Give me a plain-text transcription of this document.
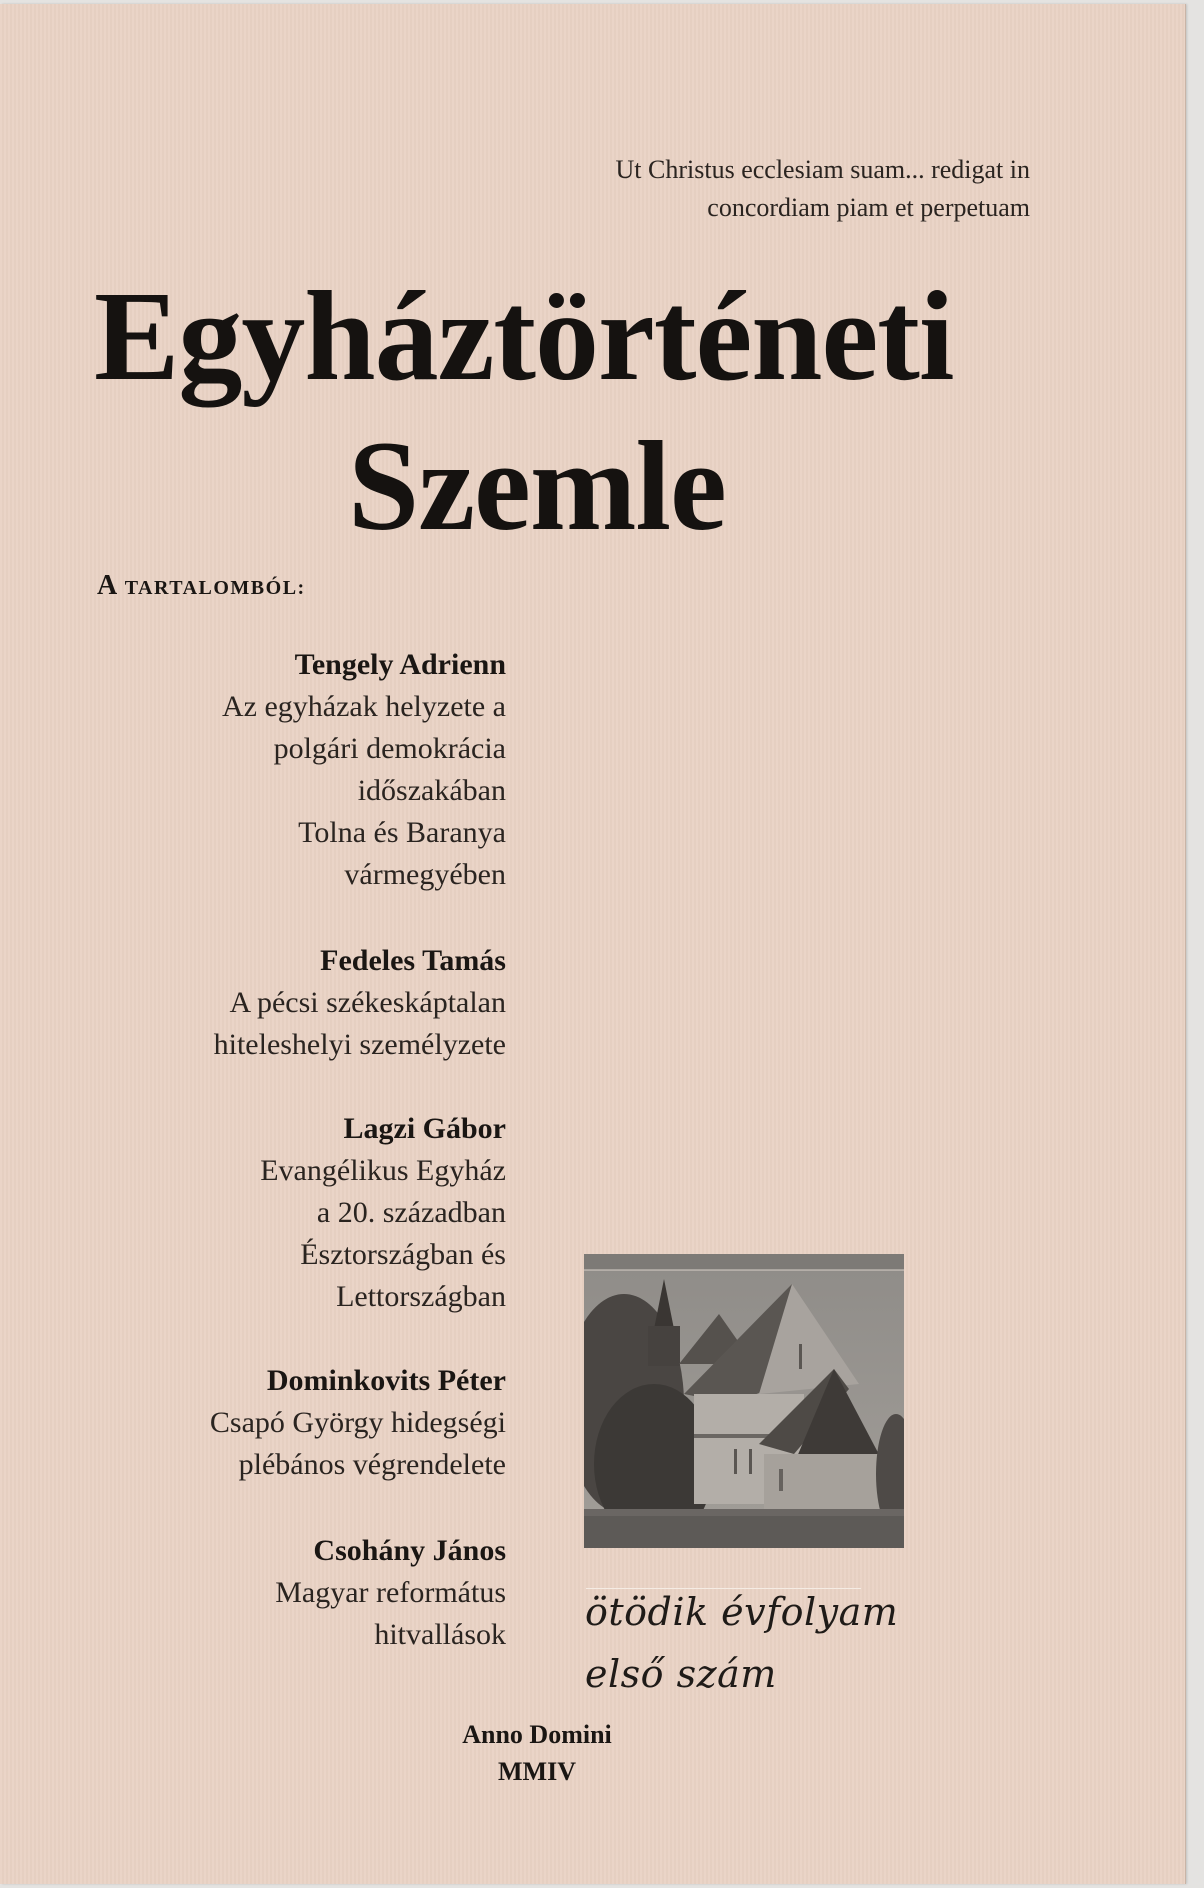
Ut Christus ecclesiam suam... redigat in
concordiam piam et perpetuam
Egyháztörténeti
Szemle
A TARTALOMBÓL:
Tengely Adrienn
Az egyházak helyzete a
polgári demokrácia
időszakában
Tolna és Baranya
vármegyében
Fedeles Tamás
A pécsi székeskáptalan
hiteleshelyi személyzete
Lagzi Gábor
Evangélikus Egyház
a 20. században
Észtországban és
Lettországban
Dominkovits Péter
Csapó György hidegségi
plébános végrendelete
Csohány János
Magyar református
hitvallások
ötödik évfolyam
első szám
Anno Domini
MMIV
